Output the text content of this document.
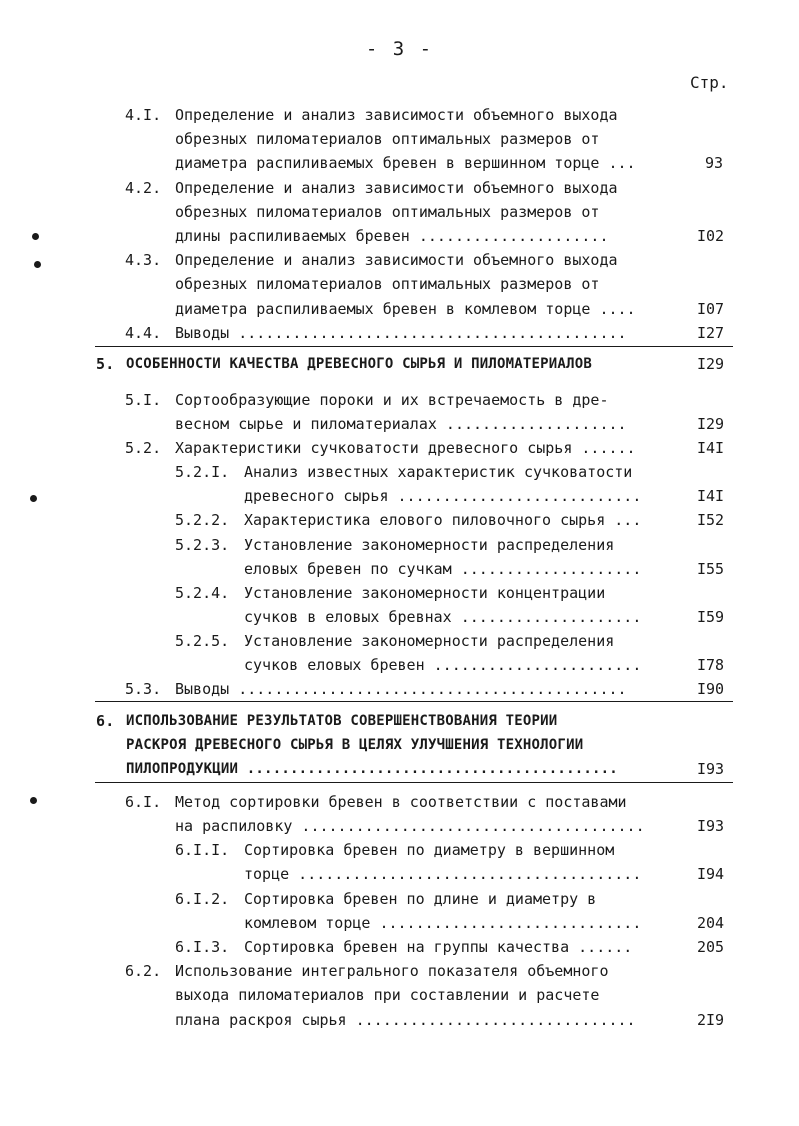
- 3 -
Стр.
4.I. Определение и анализ зависимости объемного выхода
обрезных пиломатериалов оптимальных размеров от
диаметра распиливаемых бревен в вершинном торце ...	93
4.2. Определение и анализ зависимости объемного выхода
обрезных пиломатериалов оптимальных размеров от
длины распиливаемых бревен .....................	I02
4.3. Определение и анализ зависимости объемного выхода
обрезных пиломатериалов оптимальных размеров от
диаметра распиливаемых бревен в комлевом торце ....	I07
4.4. Выводы ...........................................	I27
5. ОСОБЕННОСТИ КАЧЕСТВА ДРЕВЕСНОГО СЫРЬЯ И ПИЛОМАТЕРИАЛОВ	I29
5.I. Сортообразующие пороки и их встречаемость в дре-
весном сырье и пиломатериалах ....................	I29
5.2. Характеристики сучковатости древесного сырья ......	I4I
5.2.I. Анализ известных характеристик сучковатости
древесного сырья ...........................	I4I
5.2.2. Характеристика елового пиловочного сырья ...	I52
5.2.3. Установление закономерности распределения
еловых бревен по сучкам ....................	I55
5.2.4. Установление закономерности концентрации
сучков в еловых бревнах ....................	I59
5.2.5. Установление закономерности распределения
сучков еловых бревен .......................	I78
5.3. Выводы ...........................................	I90
6. ИСПОЛЬЗОВАНИЕ РЕЗУЛЬТАТОВ СОВЕРШЕНСТВОВАНИЯ ТЕОРИИ
РАСКРОЯ ДРЕВЕСНОГО СЫРЬЯ В ЦЕЛЯХ УЛУЧШЕНИЯ ТЕХНОЛОГИИ
ПИЛОПРОДУКЦИИ ...........................................	I93
6.I. Метод сортировки бревен в соответствии с поставами
на распиловку ......................................	I93
6.I.I. Сортировка бревен по диаметру в вершинном
торце ......................................	I94
6.I.2. Сортировка бревен по длине и диаметру в
комлевом торце .............................	204
6.I.3. Сортировка бревен на группы качества ......	205
6.2. Использование интегрального показателя объемного
выхода пиломатериалов при составлении и расчете
плана раскроя сырья ...............................	2I9
